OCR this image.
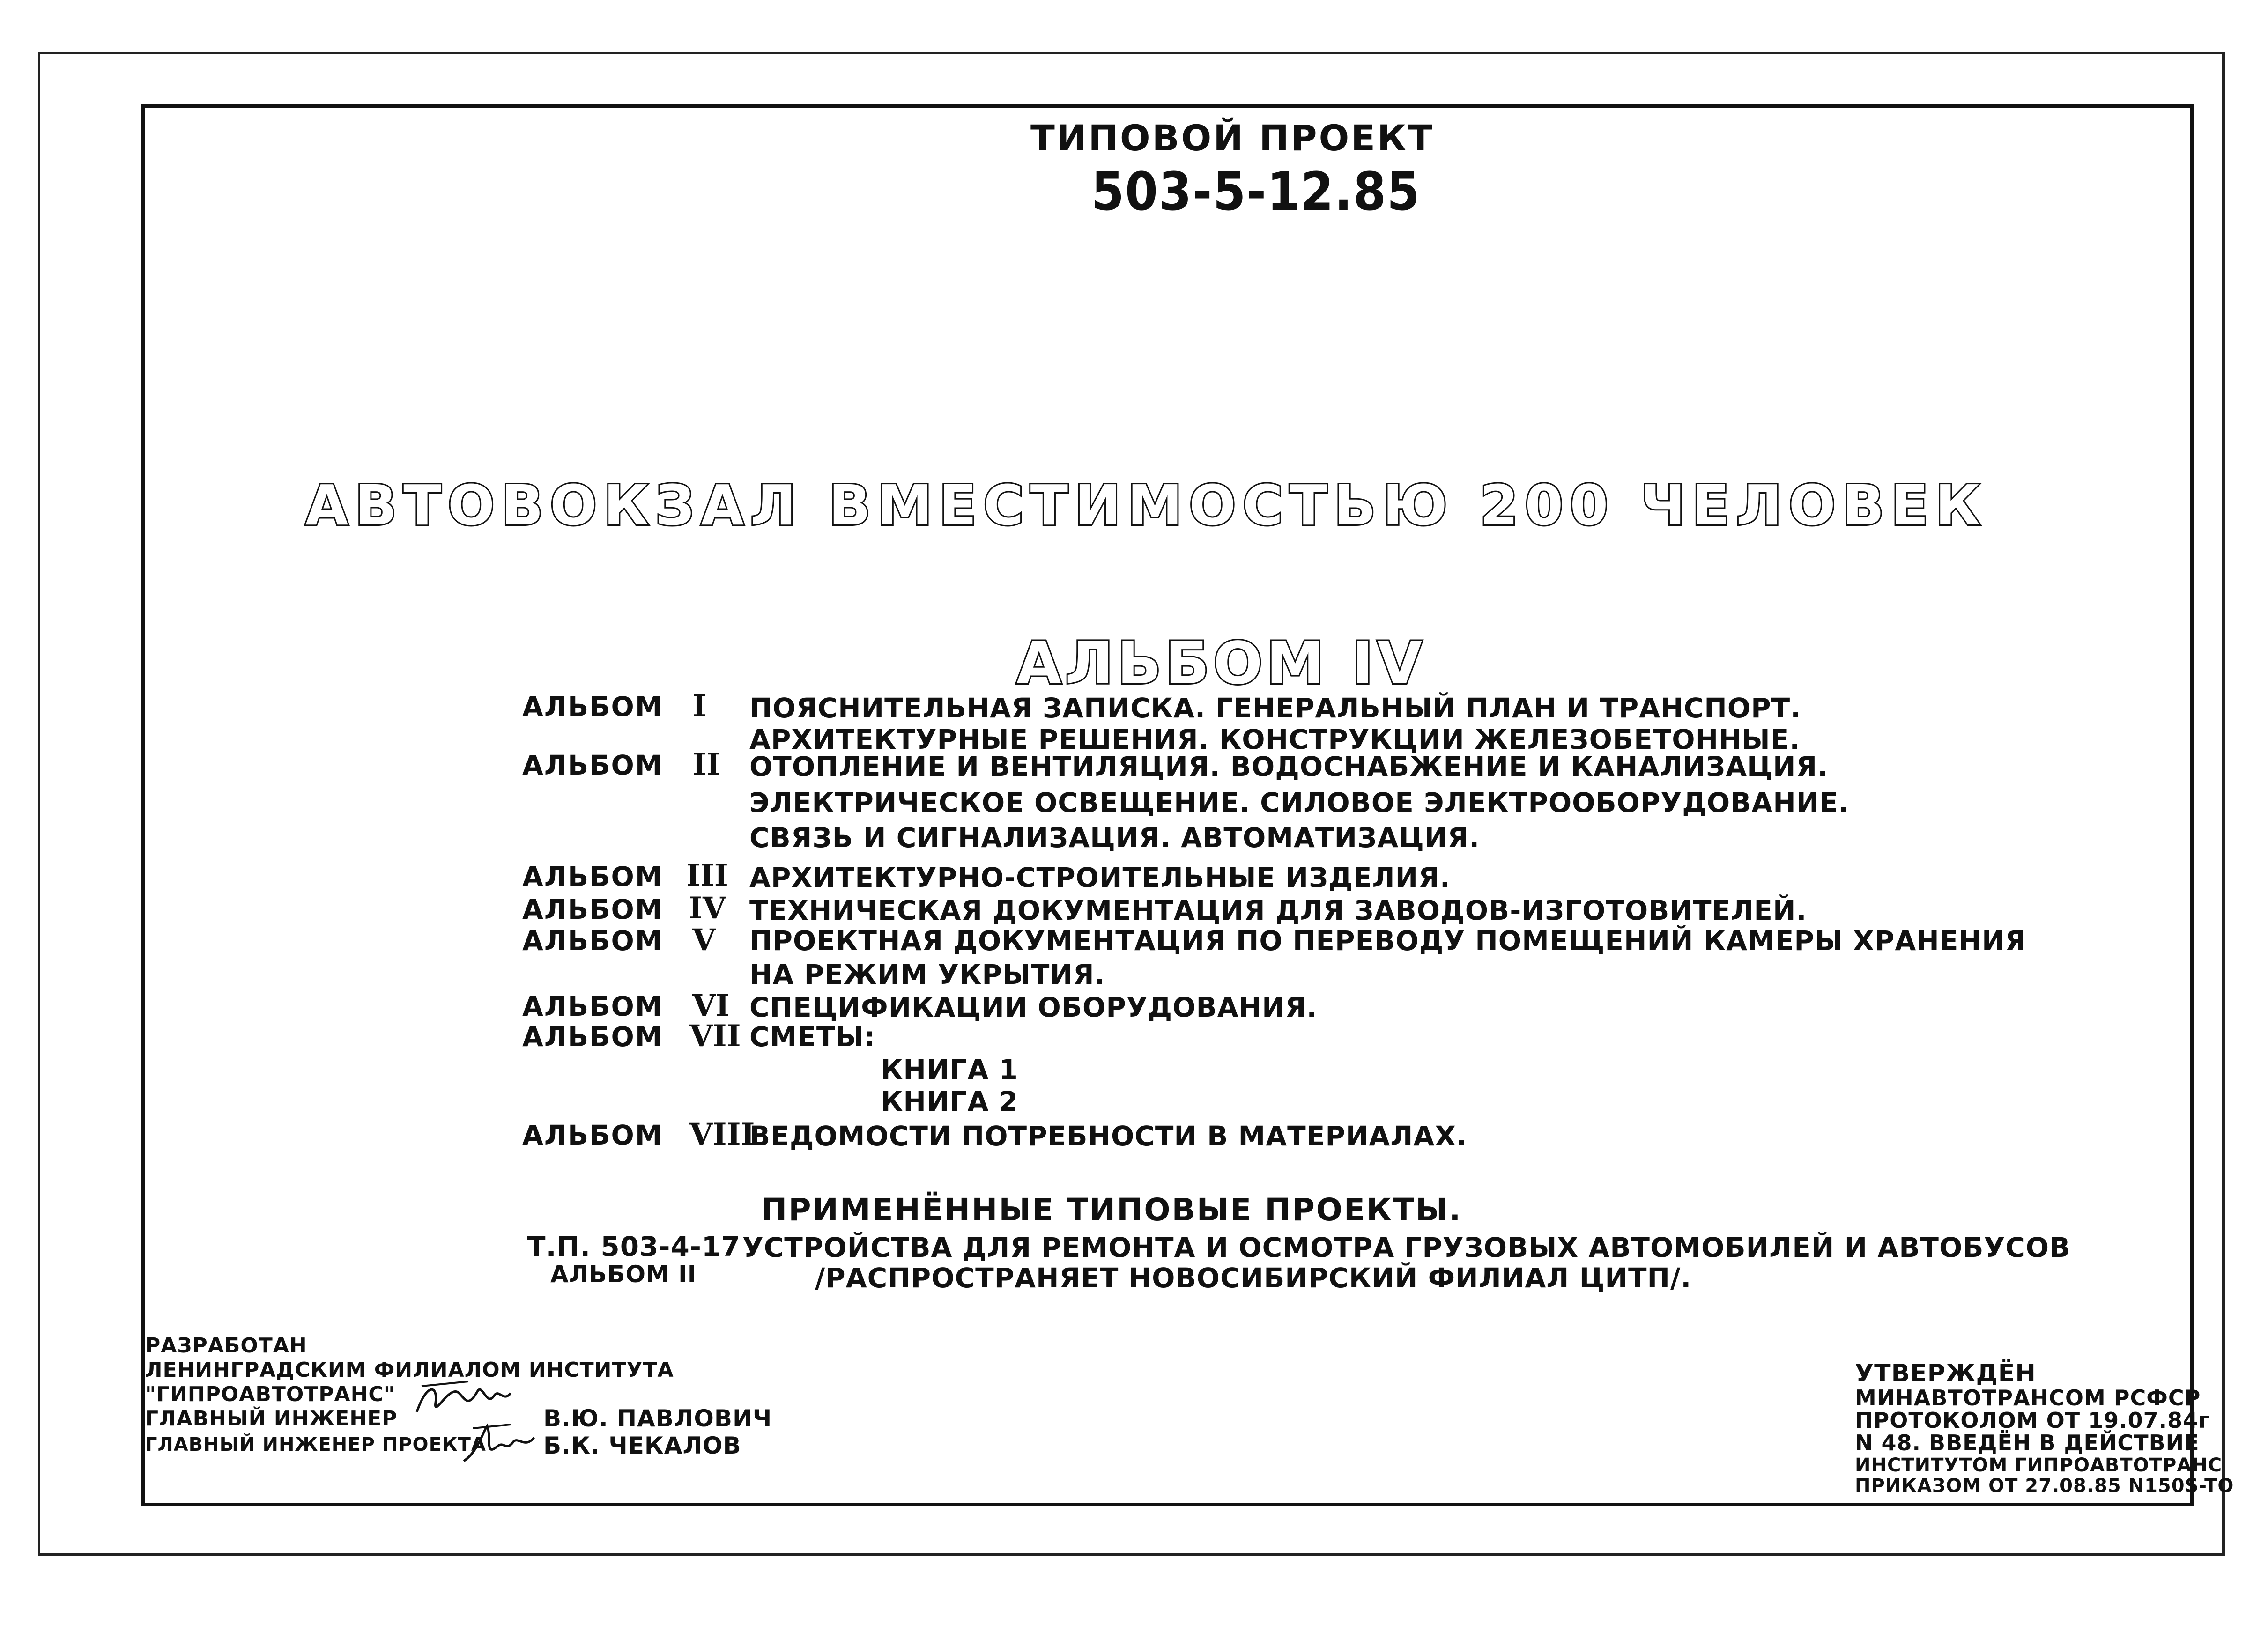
ТИПОВОЙ ПРОЕКТ
503-5-12.85
АВТОВОКЗАЛ ВМЕСТИМОСТЬЮ 200 ЧЕЛОВЕК
АЛЬБОМ IV
АЛЬБОМ I ПОЯСНИТЕЛЬНАЯ ЗАПИСКА. ГЕНЕРАЛЬНЫЙ ПЛАН И ТРАНСПОРТ.
АРХИТЕКТУРНЫЕ РЕШЕНИЯ. КОНСТРУКЦИИ ЖЕЛЕЗОБЕТОННЫЕ.
АЛЬБОМ II ОТОПЛЕНИЕ И ВЕНТИЛЯЦИЯ. ВОДОСНАБЖЕНИЕ И КАНАЛИЗАЦИЯ.
ЭЛЕКТРИЧЕСКОЕ ОСВЕЩЕНИЕ. СИЛОВОЕ ЭЛЕКТРООБОРУДОВАНИЕ.
СВЯЗЬ И СИГНАЛИЗАЦИЯ. АВТОМАТИЗАЦИЯ.
АЛЬБОМ III АРХИТЕКТУРНО-СТРОИТЕЛЬНЫЕ ИЗДЕЛИЯ.
АЛЬБОМ IV ТЕХНИЧЕСКАЯ ДОКУМЕНТАЦИЯ ДЛЯ ЗАВОДОВ-ИЗГОТОВИТЕЛЕЙ.
АЛЬБОМ V ПРОЕКТНАЯ ДОКУМЕНТАЦИЯ ПО ПЕРЕВОДУ ПОМЕЩЕНИЙ КАМЕРЫ ХРАНЕНИЯ
НА РЕЖИМ УКРЫТИЯ.
АЛЬБОМ VI СПЕЦИФИКАЦИИ ОБОРУДОВАНИЯ.
АЛЬБОМ VII СМЕТЫ:
КНИГА 1
КНИГА 2
АЛЬБОМ VIII
ВЕДОМОСТИ ПОТРЕБНОСТИ В МАТЕРИАЛАХ.
ПРИМЕНЁННЫЕ ТИПОВЫЕ ПРОЕКТЫ.
Т.П. 503-4-17 УСТРОЙСТВА ДЛЯ РЕМОНТА И ОСМОТРА ГРУЗОВЫХ АВТОМОБИЛЕЙ И АВТОБУСОВ
АЛЬБОМ II	/РАСПРОСТРАНЯЕТ НОВОСИБИРСКИЙ ФИЛИАЛ ЦИТП/.
РАЗРАБОТАН
ЛЕНИНГРАДСКИМ ФИЛИАЛОМ ИНСТИТУТА
"ГИПРОАВТОТРАНС"
ГЛАВНЫЙ ИНЖЕНЕР	В.Ю. ПАВЛОВИЧ
ГЛАВНЫЙ ИНЖЕНЕР ПРОЕКТА Б.К. ЧЕКАЛОВ
УТВЕРЖДЁН
МИНАВТОТРАНСОМ РСФСР
ПРОТОКОЛОМ ОТ 19.07.84г
N 48. ВВЕДЁН В ДЕЙСТВИЕ
ИНСТИТУТОМ ГИПРОАВТОТРАНС
ПРИКАЗОМ ОТ 27.08.85 N150S-TO
